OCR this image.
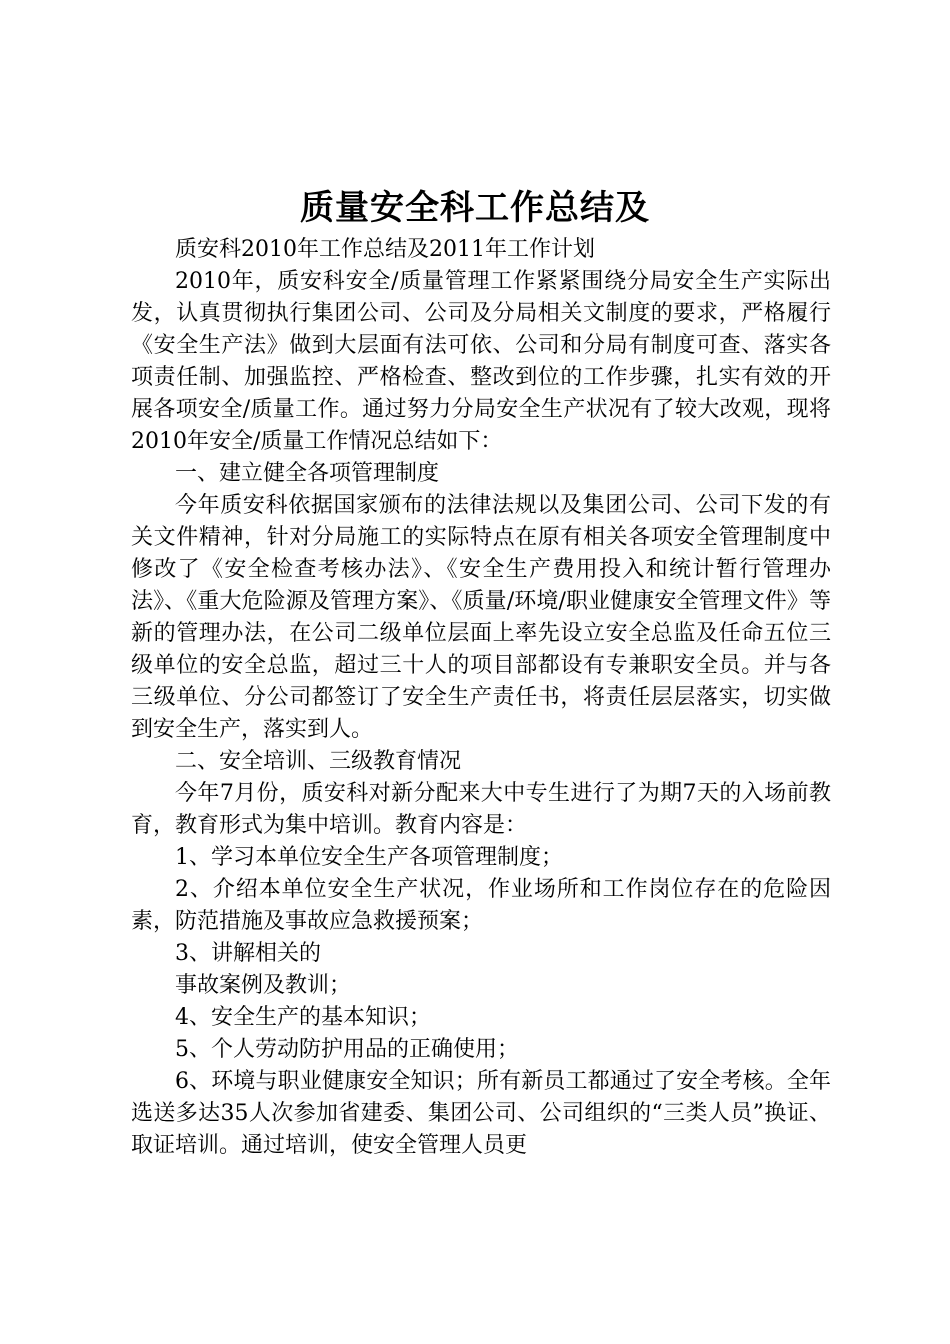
质量安全科工作总结及

质安科2010年工作总结及2011年工作计划

2010年，质安科安全/质量管理工作紧紧围绕分局安全生产实际出发，认真贯彻执行集团公司、公司及分局相关文制度的要求，严格履行《安全生产法》做到大层面有法可依、公司和分局有制度可查、落实各项责任制、加强监控、严格检查、整改到位的工作步骤，扎实有效的开展各项安全/质量工作。通过努力分局安全生产状况有了较大改观，现将2010年安全/质量工作情况总结如下：

一、建立健全各项管理制度

今年质安科依据国家颁布的法律法规以及集团公司、公司下发的有关文件精神，针对分局施工的实际特点在原有相关各项安全管理制度中修改了《安全检查考核办法》、《安全生产费用投入和统计暂行管理办法》、《重大危险源及管理方案》、《质量/环境/职业健康安全管理文件》等新的管理办法，在公司二级单位层面上率先设立安全总监及任命五位三级单位的安全总监，超过三十人的项目部都设有专兼职安全员。并与各三级单位、分公司都签订了安全生产责任书，将责任层层落实，切实做到安全生产，落实到人。

二、安全培训、三级教育情况

今年7月份，质安科对新分配来大中专生进行了为期7天的入场前教育，教育形式为集中培训。教育内容是：

1、学习本单位安全生产各项管理制度；

2、介绍本单位安全生产状况，作业场所和工作岗位存在的危险因素，防范措施及事故应急救援预案；

3、讲解相关的

事故案例及教训；

4、安全生产的基本知识；

5、个人劳动防护用品的正确使用；

6、环境与职业健康安全知识；所有新员工都通过了安全考核。全年选送多达35人次参加省建委、集团公司、公司组织的“三类人员”换证、取证培训。通过培训，使安全管理人员更
